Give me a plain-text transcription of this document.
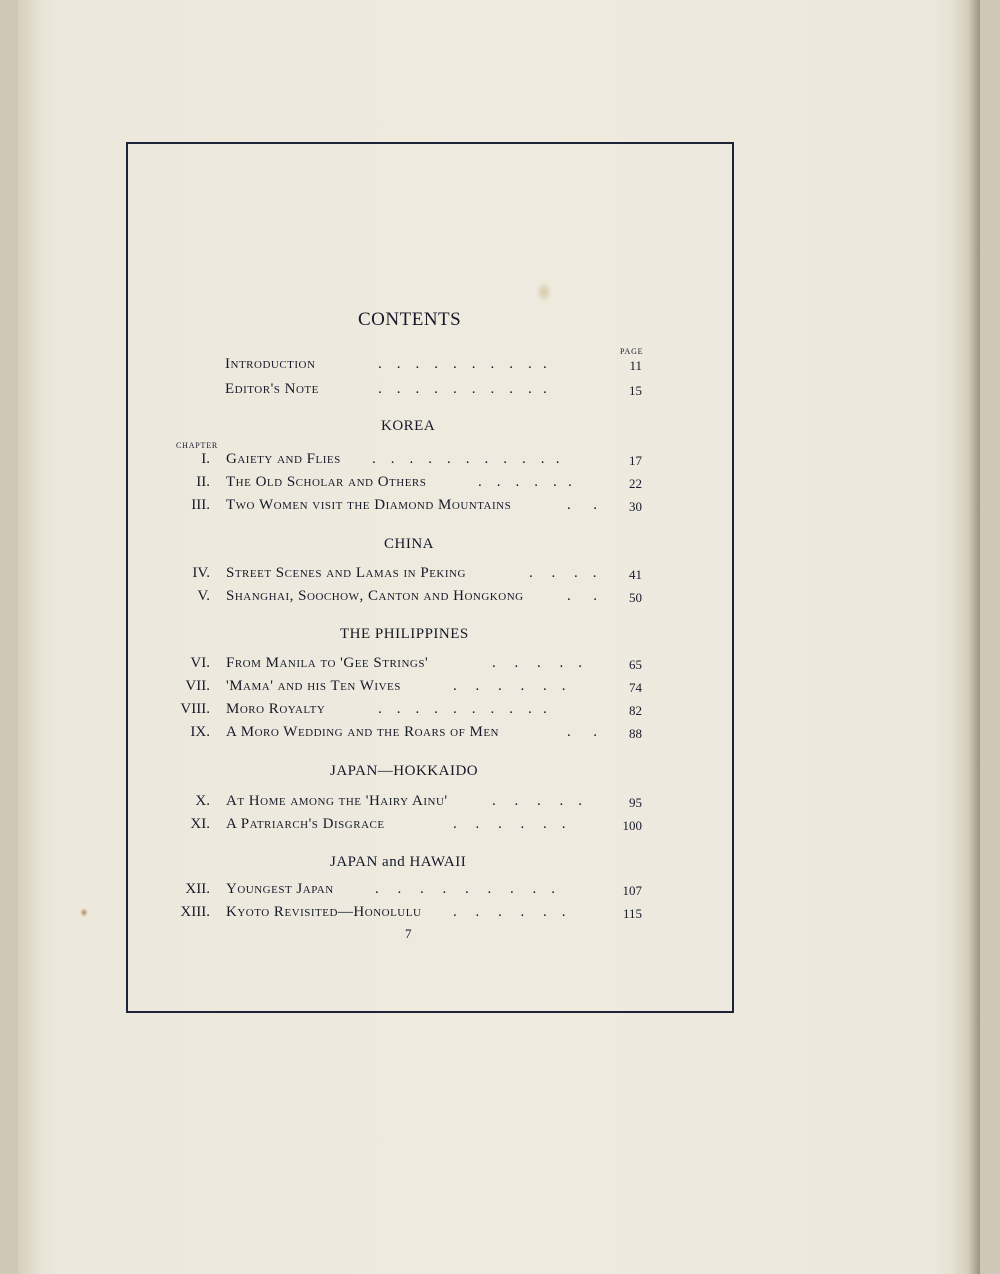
CONTENTS
PAGE
Introduction	.    .    .    .    .    .    .    .    .   .	11
Editor's Note	.    .    .    .    .    .    .    .    .   .	15
KOREA
CHAPTER
I. Gaiety and Flies .    .    .    .    .    .    .    .    .    .   .	17
II. The Old Scholar and Others	.    .    .    .    .   .	22
III. Two Women visit the Diamond Mountains	.      .	30
CHINA
IV. Street Scenes and Lamas in Peking	.     .     .    .	41
V. Shanghai, Soochow, Canton and Hongkong	.      .	50
THE PHILIPPINES
VI. From Manila to 'Gee Strings'	.     .     .     .    .	65
VII. 'Mama' and his Ten Wives	.     .     .     .     .    .	74
VIII. Moro Royalty	.    .    .    .    .    .    .    .    .   .	82
IX. A Moro Wedding and the Roars of Men	.      .	88
JAPAN—HOKKAIDO
X. At Home among the 'Hairy Ainu'	.     .     .     .    .	95
XI. A Patriarch's Disgrace	.     .     .     .     .    .	100
JAPAN and HAWAII
XII. Youngest Japan	.     .     .     .     .     .     .     .    .	107
XIII. Kyoto Revisited—Honolulu .     .     .     .     .    .	115
7
